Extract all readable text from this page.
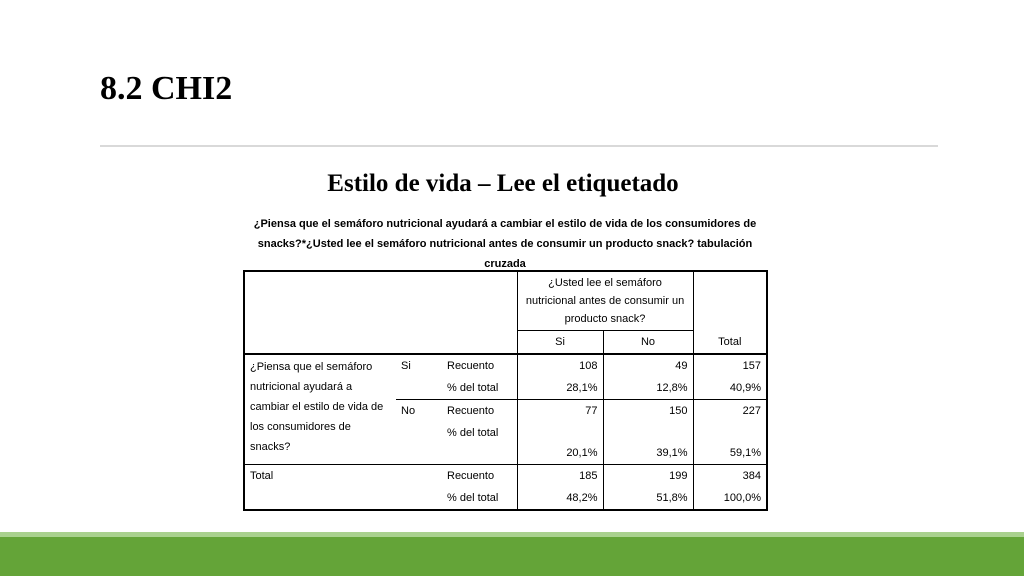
8.2 CHI2
Estilo de vida – Lee el etiquetado
¿Piensa que el semáforo nutricional ayudará a cambiar el estilo de vida de los consumidores de snacks?*¿Usted lee el semáforo nutricional antes de consumir un producto snack? tabulación cruzada
			¿Usted lee el semáforo nutricional antes de consumir un producto snack?		Total
			Si	No	
¿Piensa que el semáforo nutricional ayudará a cambiar el estilo de vida de los consumidores de snacks?	Si	Recuento	108	49	157
		% del total	28,1%	12,8%	40,9%
	No	Recuento	77	150	227
		% del total	20,1%	39,1%	59,1%
Total		Recuento	185	199	384
		% del total	48,2%	51,8%	100,0%
